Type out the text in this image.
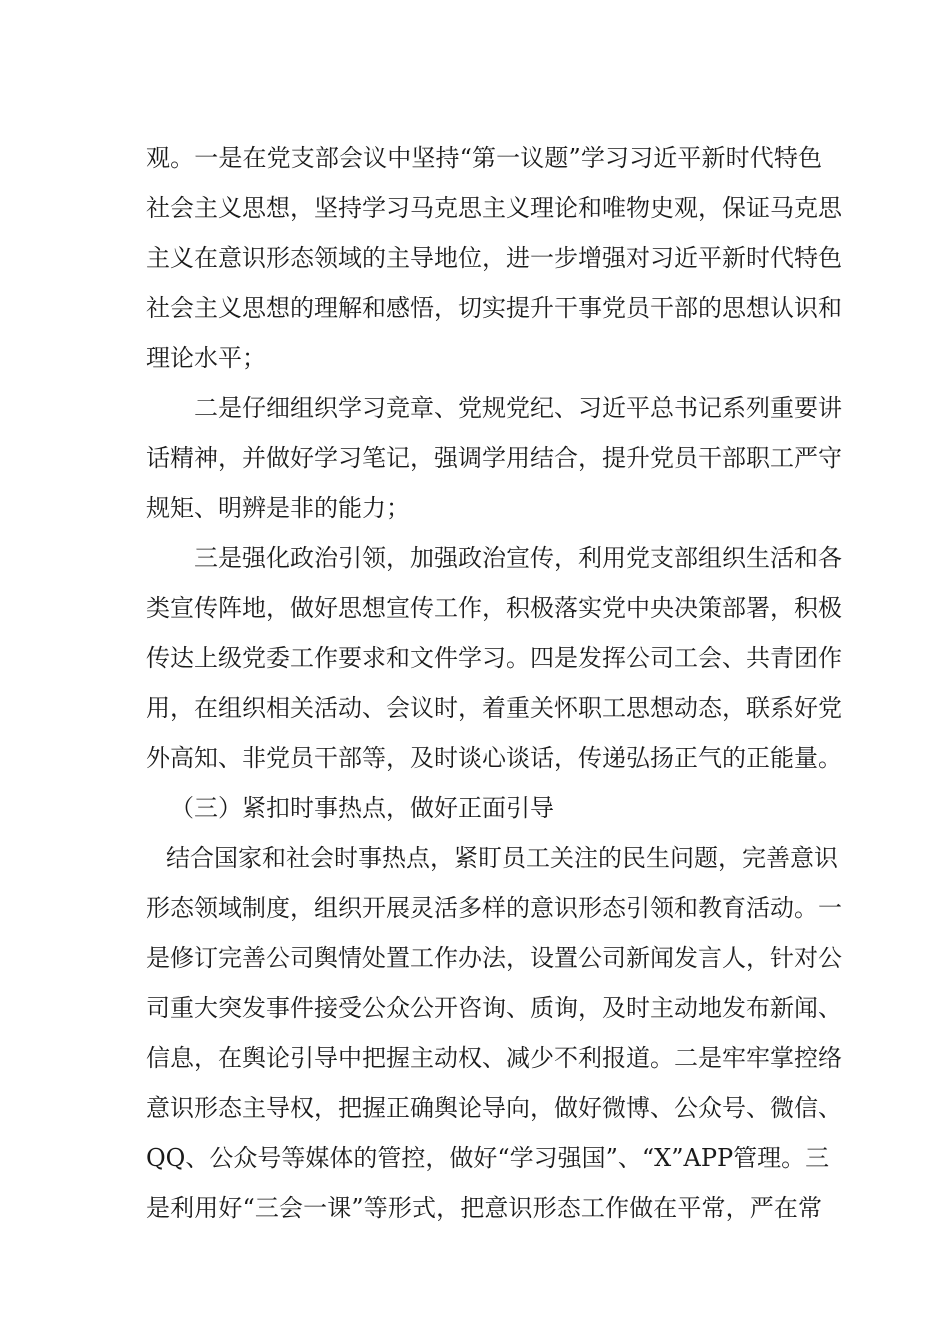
观。一是在党支部会议中坚持“第一议题”学习习近平新时代特色
社会主义思想，坚持学习马克思主义理论和唯物史观，保证马克思
主义在意识形态领域的主导地位，进一步增强对习近平新时代特色
社会主义思想的理解和感悟，切实提升干事党员干部的思想认识和
理论水平；
二是仔细组织学习竞章、党规党纪、习近平总书记系列重要讲
话精神，并做好学习笔记，强调学用结合，提升党员干部职工严守
规矩、明辨是非的能力；
三是强化政治引领，加强政治宣传，利用党支部组织生活和各
类宣传阵地，做好思想宣传工作，积极落实党中央决策部署，积极
传达上级党委工作要求和文件学习。四是发挥公司工会、共青团作
用，在组织相关活动、会议时，着重关怀职工思想动态，联系好党
外高知、非党员干部等，及时谈心谈话，传递弘扬正气的正能量。
（三）紧扣时事热点，做好正面引导
结合国家和社会时事热点，紧盯员工关注的民生问题，完善意识
形态领域制度，组织开展灵活多样的意识形态引领和教育活动。一
是修订完善公司舆情处置工作办法，设置公司新闻发言人，针对公
司重大突发事件接受公众公开咨询、质询，及时主动地发布新闻、
信息，在舆论引导中把握主动权、减少不利报道。二是牢牢掌控络
意识形态主导权，把握正确舆论导向，做好微博、公众号、微信、
QQ、公众号等媒体的管控，做好“学习强国”、“X”APP管理。三
是利用好“三会一课”等形式，把意识形态工作做在平常，严在常
